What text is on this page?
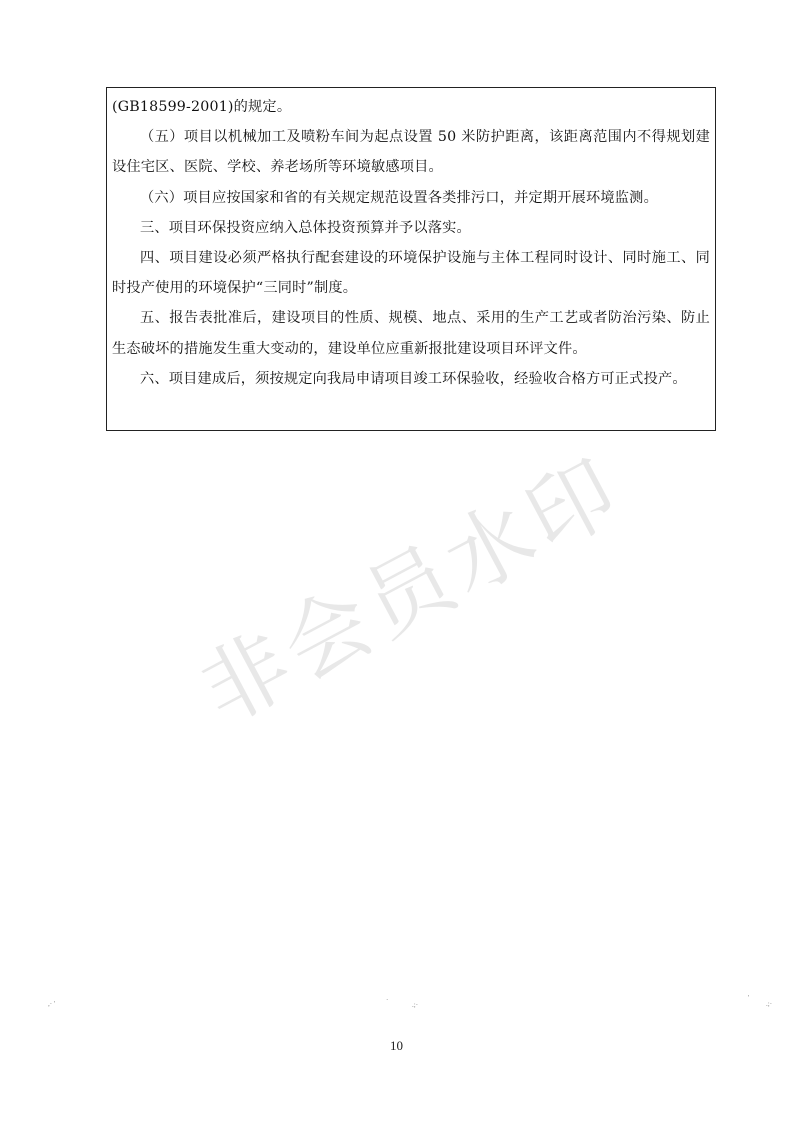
(GB18599-2001)的规定。

（五）项目以机械加工及喷粉车间为起点设置 50 米防护距离，该距离范围内不得规划建设住宅区、医院、学校、养老场所等环境敏感项目。

（六）项目应按国家和省的有关规定规范设置各类排污口，并定期开展环境监测。

三、项目环保投资应纳入总体投资预算并予以落实。

四、项目建设必须严格执行配套建设的环境保护设施与主体工程同时设计、同时施工、同时投产使用的环境保护“三同时”制度。

五、报告表批准后，建设项目的性质、规模、地点、采用的生产工艺或者防治污染、防止生态破坏的措施发生重大变动的，建设单位应重新报批建设项目环评文件。

六、项目建成后，须按规定向我局申请项目竣工环保验收，经验收合格方可正式投产。

非会员水印
,· '	·
.;·
'
.;·
10
